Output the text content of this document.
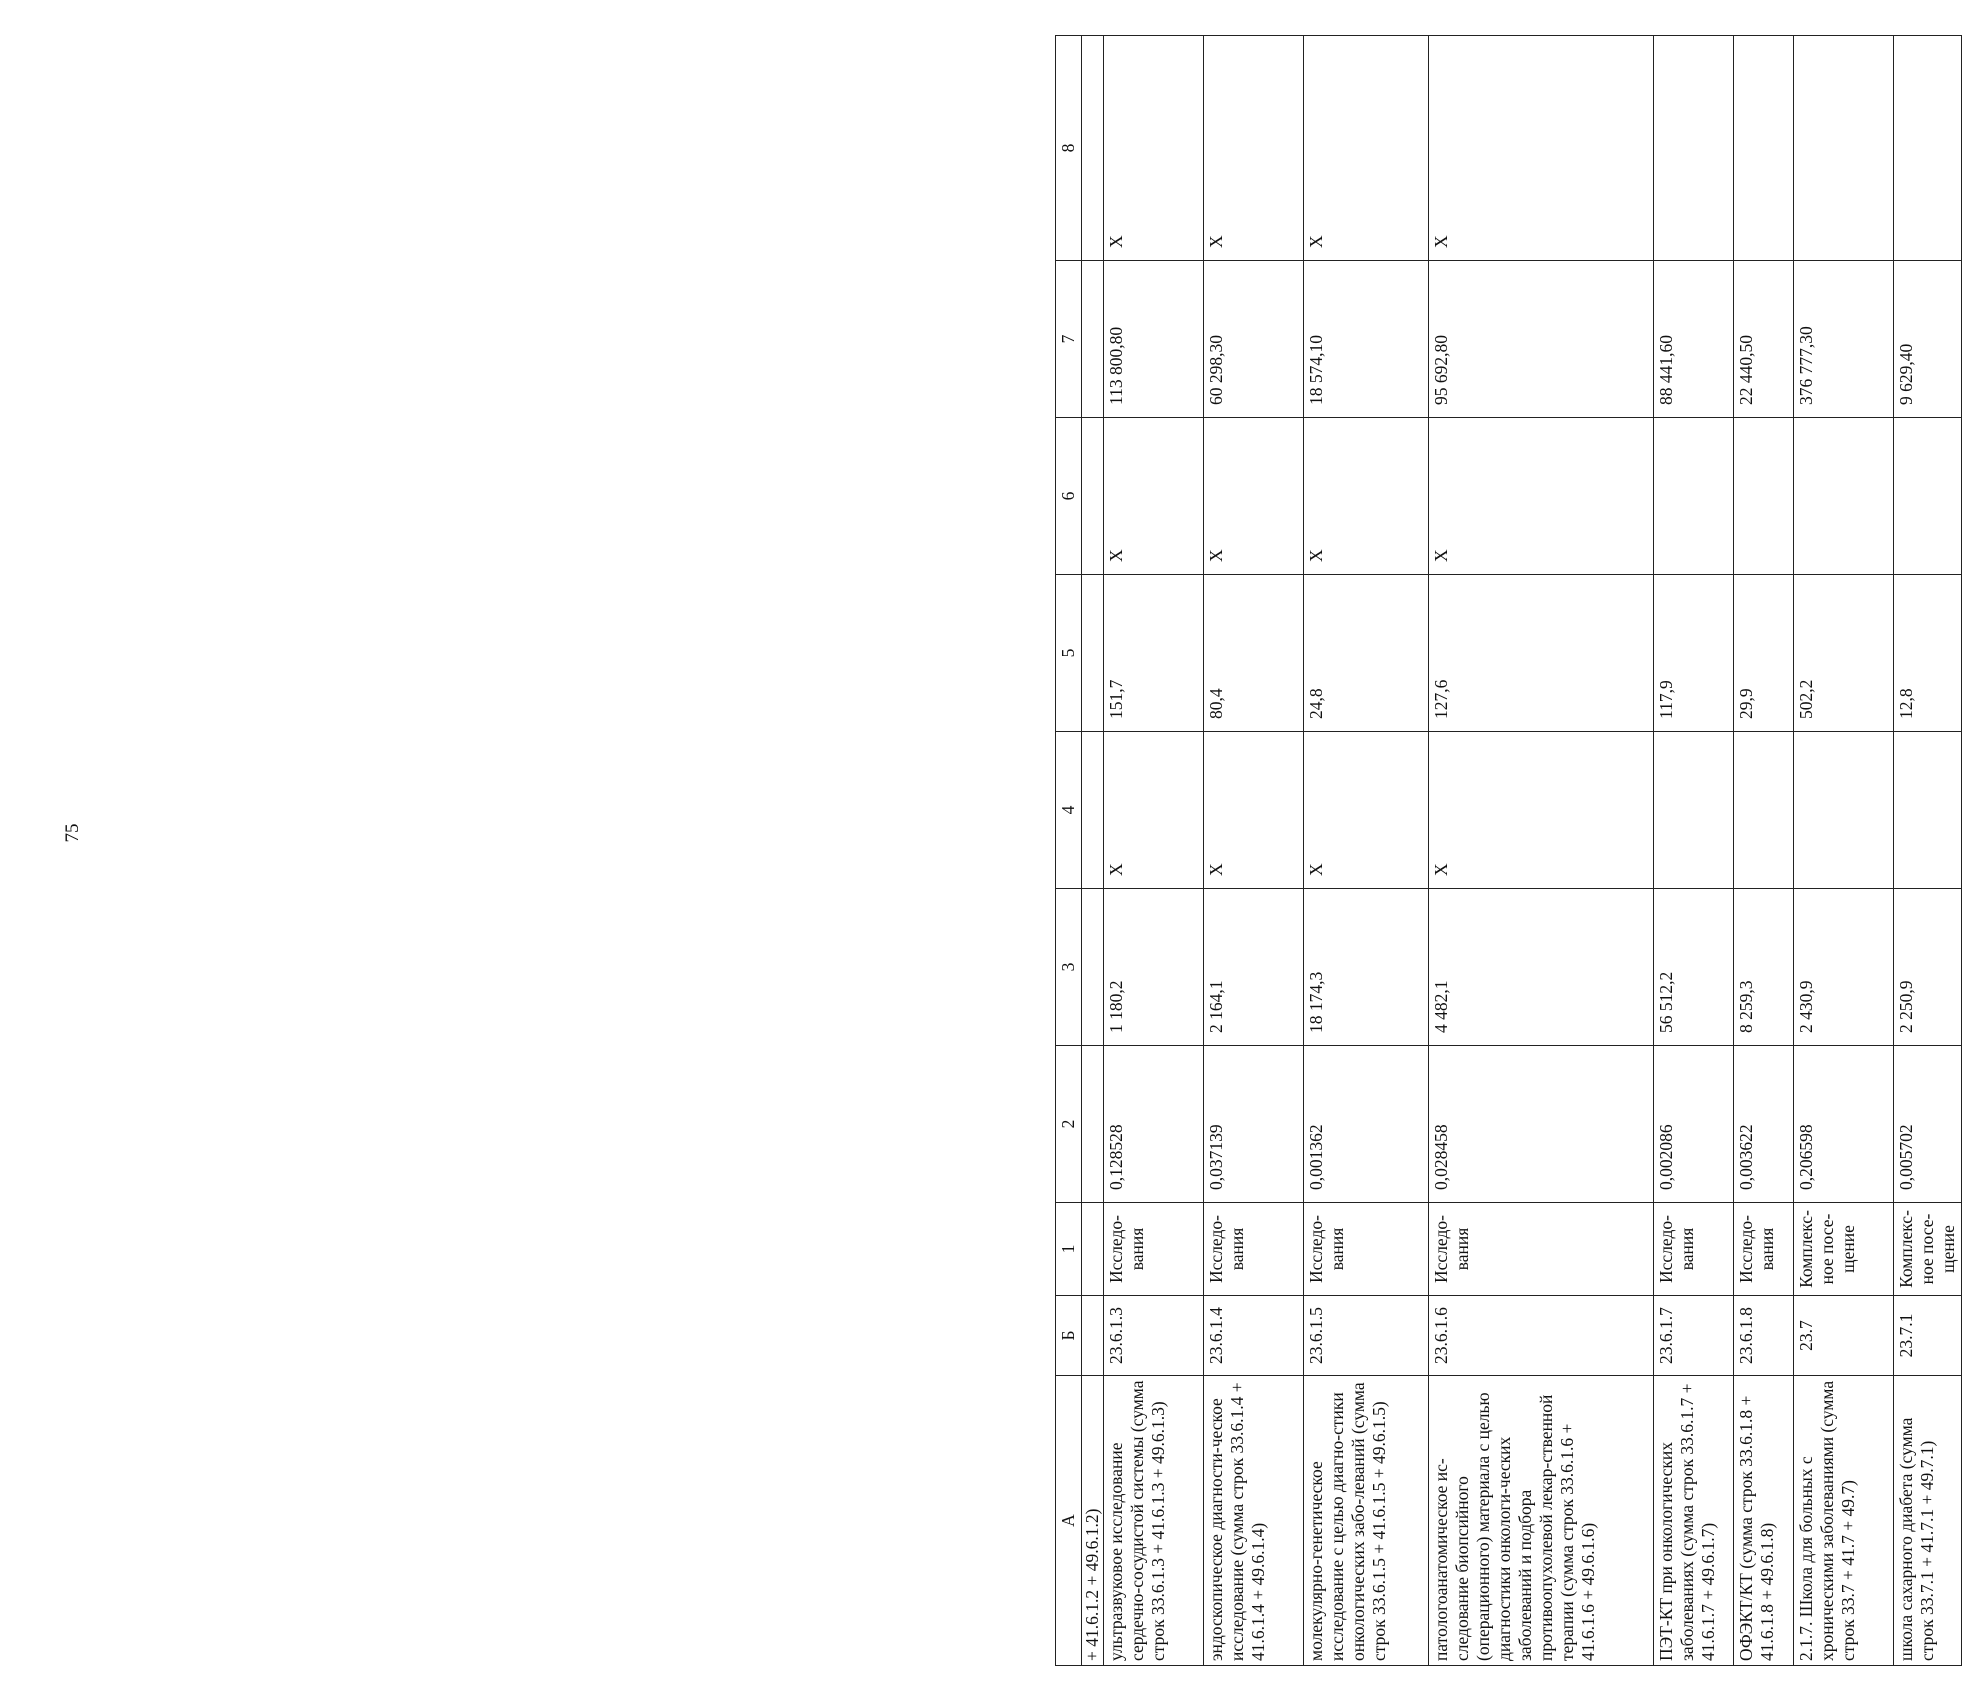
75
А	Б	1	2	3	4	5	6	7	8
+ 41.6.1.2 + 49.6.1.2)									
ультразвуковое исследование сердечно-сосудистой системы (сумма строк 33.6.1.3 + 41.6.1.3 + 49.6.1.3)	23.6.1.3	Исследо-вания	0,128528	1 180,2	X	151,7	X	113 800,80	X
эндоскопическое диагности-ческое исследование (сумма строк 33.6.1.4 + 41.6.1.4 + 49.6.1.4)	23.6.1.4	Исследо-вания	0,037139	2 164,1	X	80,4	X	60 298,30	X
молекулярно-генетическое исследование с целью диагно-стики онкологических забо-леваний (сумма строк 33.6.1.5 + 41.6.1.5 + 49.6.1.5)	23.6.1.5	Исследо-вания	0,001362	18 174,3	X	24,8	X	18 574,10	X
патологоанатомическое ис-следование биопсийного (операционного) материала с целью диагностики онкологи-ческих заболеваний и подбора противоопухолевой лекар-ственной терапии (сумма строк 33.6.1.6 + 41.6.1.6 + 49.6.1.6)	23.6.1.6	Исследо-вания	0,028458	4 482,1	X	127,6	X	95 692,80	X
ПЭТ-КТ при онкологических заболеваниях (сумма строк 33.6.1.7 + 41.6.1.7 + 49.6.1.7)	23.6.1.7	Исследо-вания	0,002086	56 512,2		117,9		88 441,60	
ОФЭКТ/КТ (сумма строк 33.6.1.8 + 41.6.1.8 + 49.6.1.8)	23.6.1.8	Исследо-вания	0,003622	8 259,3		29,9		22 440,50	
2.1.7. Школа для больных с хроническими заболеваниями (сумма строк 33.7 + 41.7 + 49.7)	23.7	Комплекс-ное посе-щение	0,206598	2 430,9		502,2		376 777,30	
школа сахарного диабета (сумма строк 33.7.1 + 41.7.1 + 49.7.1)	23.7.1	Комплекс-ное посе-щение	0,005702	2 250,9		12,8		9 629,40	
